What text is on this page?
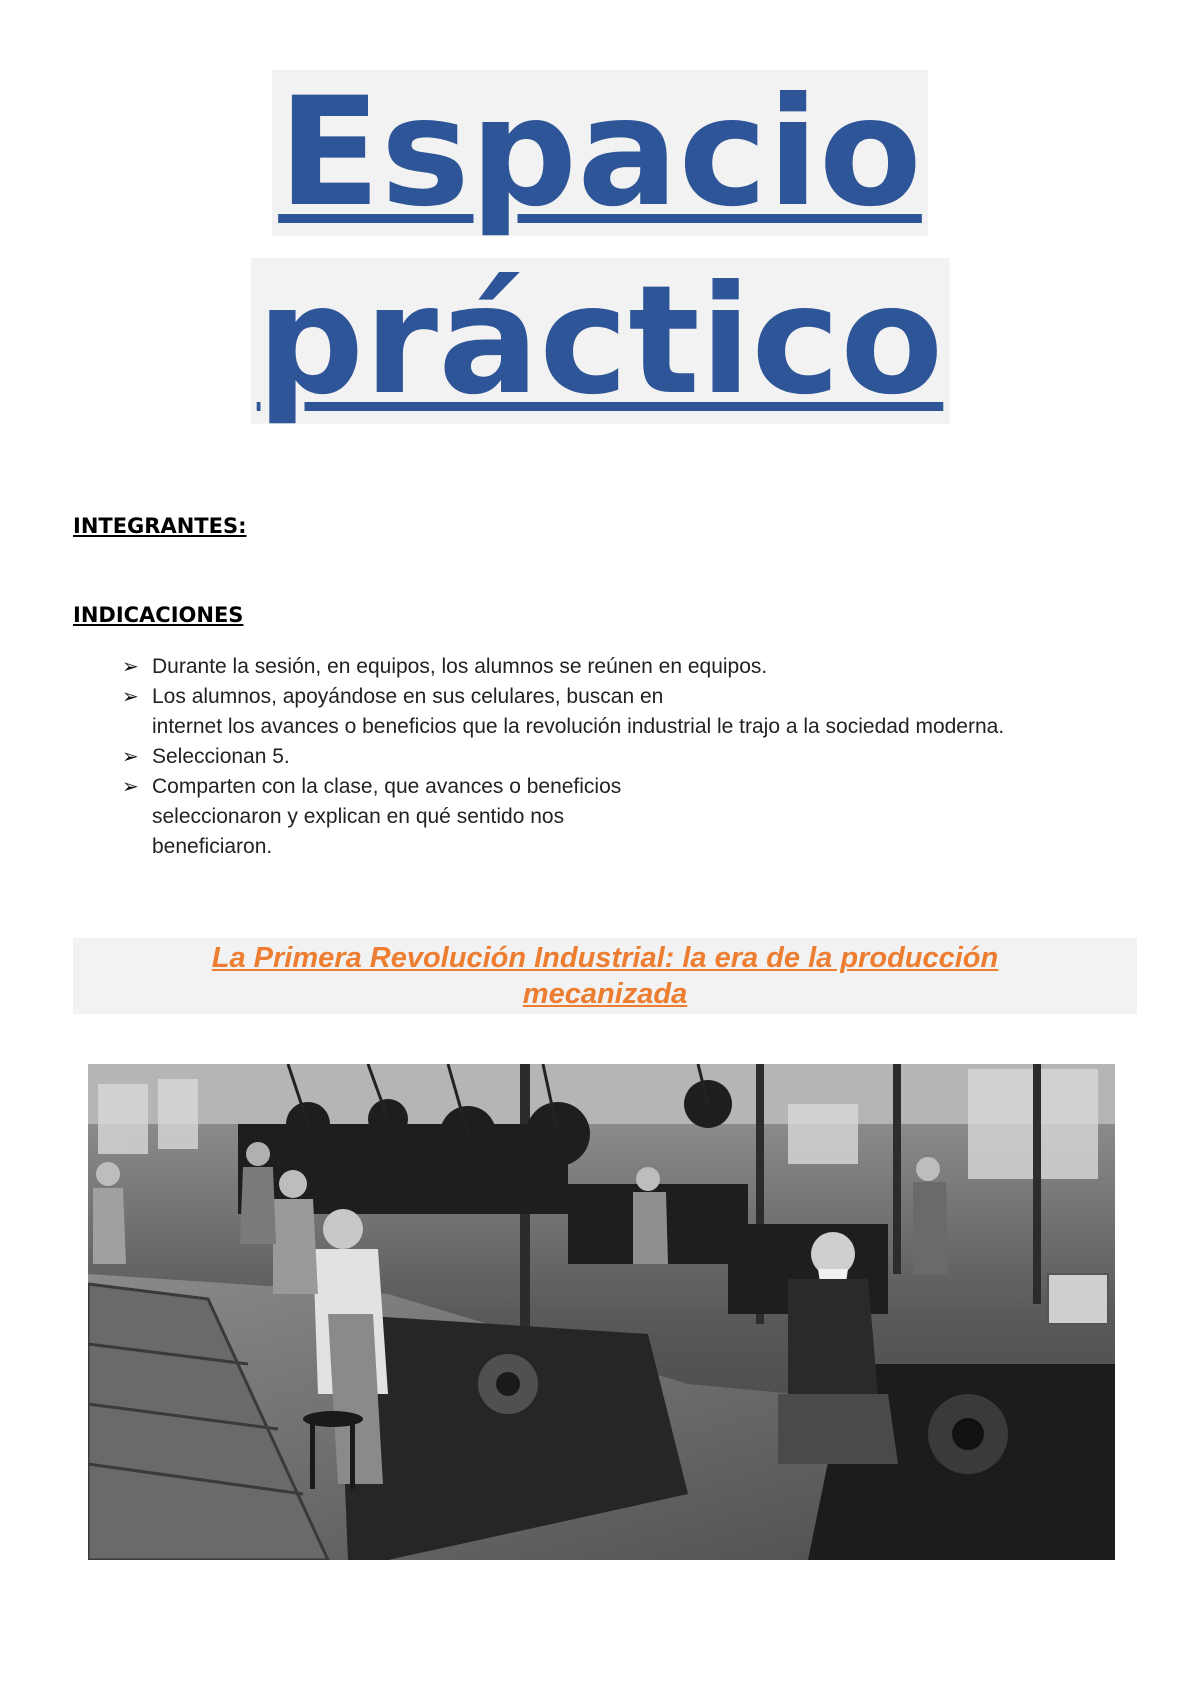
Espacio
práctico
INTEGRANTES:
INDICACIONES
➢ Durante la sesión, en equipos, los alumnos se reúnen en equipos.
➢ Los alumnos, apoyándose en sus celulares, buscan en
internet los avances o beneficios que la revolución industrial le trajo a la sociedad moderna.
➢ Seleccionan 5.
➢ Comparten con la clase, que avances o beneficios
seleccionaron y explican en qué sentido nos
beneficiaron.
La Primera Revolución Industrial: la era de la producción mecanizada
